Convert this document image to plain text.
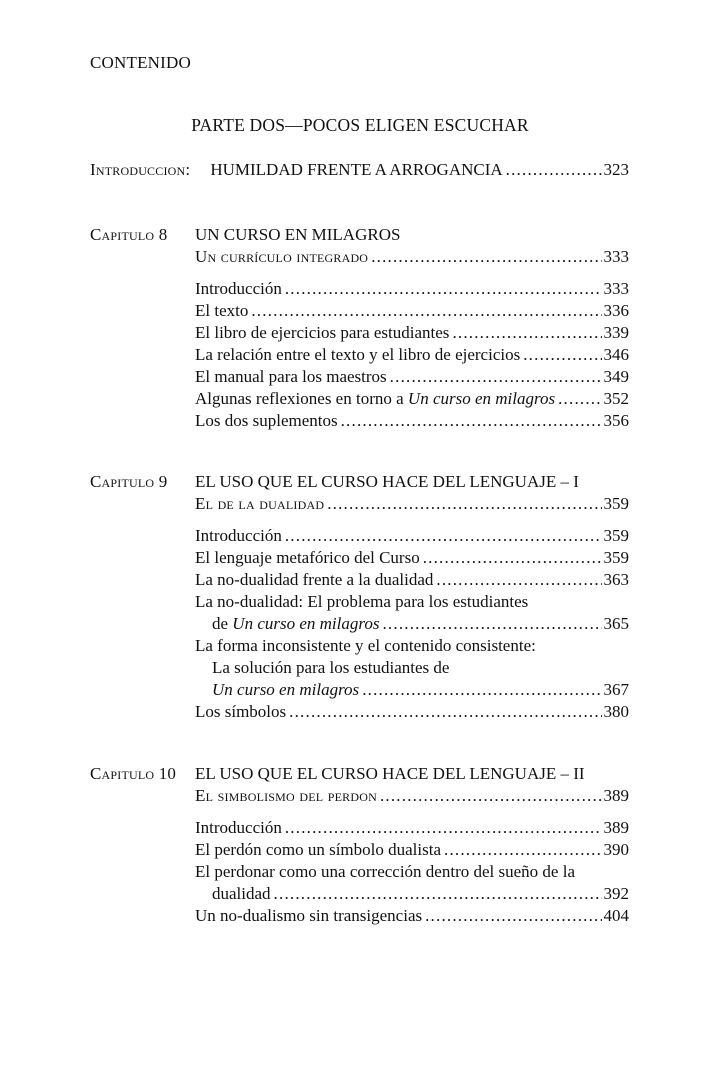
CONTENIDO
PARTE DOS—POCOS ELIGEN ESCUCHAR
Introduccion: HUMILDAD FRENTE A ARROGANCIA .....	323
Capitulo 8 UN CURSO EN MILAGROS
Un currículo integrado .....	333
Introducción .....	333
El texto .....	336
El libro de ejercicios para estudiantes .....	339
La relación entre el texto y el libro de ejercicios .....	346
El manual para los maestros .....	349
Algunas reflexiones en torno a Un curso en milagros .....	352
Los dos suplementos .....	356
Capitulo 9 EL USO QUE EL CURSO HACE DEL LENGUAJE – I
El de la dualidad .....	359
Introducción .....	359
El lenguaje metafórico del Curso .....	359
La no-dualidad frente a la dualidad .....	363
La no-dualidad: El problema para los estudiantes
de Un curso en milagros .....	365
La forma inconsistente y el contenido consistente:
La solución para los estudiantes de
Un curso en milagros .....	367
Los símbolos .....	380
Capitulo 10 EL USO QUE EL CURSO HACE DEL LENGUAJE – II
El simbolismo del perdon .....	389
Introducción .....	389
El perdón como un símbolo dualista .....	390
El perdonar como una corrección dentro del sueño de la
dualidad .....	392
Un no-dualismo sin transigencias .....	404
